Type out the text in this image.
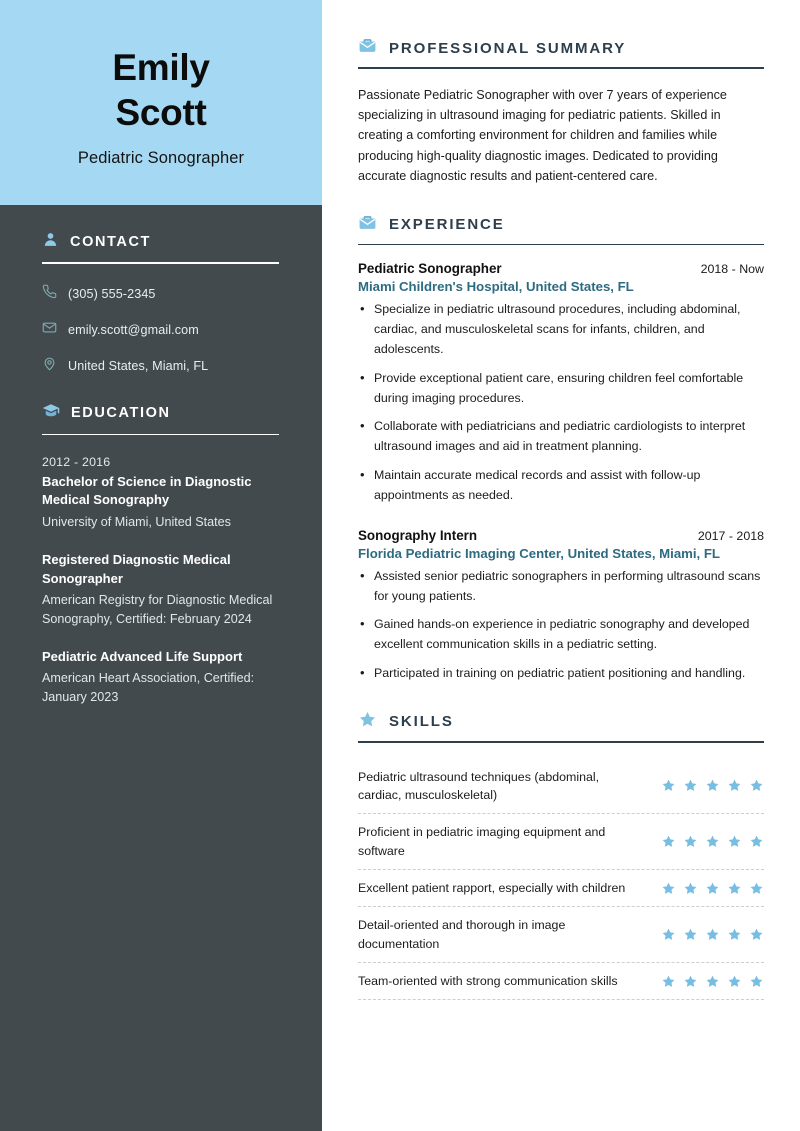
Emily
Scott
Pediatric Sonographer
CONTACT
(305) 555-2345
emily.scott@gmail.com
United States, Miami, FL
EDUCATION
2012 - 2016
Bachelor of Science in Diagnostic Medical Sonography
University of Miami, United States
Registered Diagnostic Medical Sonographer
American Registry for Diagnostic Medical Sonography, Certified: February 2024
Pediatric Advanced Life Support
American Heart Association, Certified: January 2023
PROFESSIONAL SUMMARY

Passionate Pediatric Sonographer with over 7 years of experience specializing in ultrasound imaging for pediatric patients. Skilled in creating a comforting environment for children and families while producing high-quality diagnostic images. Dedicated to providing accurate diagnostic results and patient-centered care.

EXPERIENCE
Pediatric Sonographer	2018 - Now
Miami Children's Hospital, United States, FL
• Specialize in pediatric ultrasound procedures, including abdominal, cardiac, and musculoskeletal scans for infants, children, and adolescents.
• Provide exceptional patient care, ensuring children feel comfortable during imaging procedures.
• Collaborate with pediatricians and pediatric cardiologists to interpret ultrasound images and aid in treatment planning.
• Maintain accurate medical records and assist with follow-up appointments as needed.
Sonography Intern	2017 - 2018
Florida Pediatric Imaging Center, United States, Miami, FL
• Assisted senior pediatric sonographers in performing ultrasound scans for young patients.
• Gained hands-on experience in pediatric sonography and developed excellent communication skills in a pediatric setting.
• Participated in training on pediatric patient positioning and handling.
SKILLS
Pediatric ultrasound techniques (abdominal, cardiac, musculoskeletal)
Proficient in pediatric imaging equipment and software
Excellent patient rapport, especially with children
Detail-oriented and thorough in image documentation
Team-oriented with strong communication skills
